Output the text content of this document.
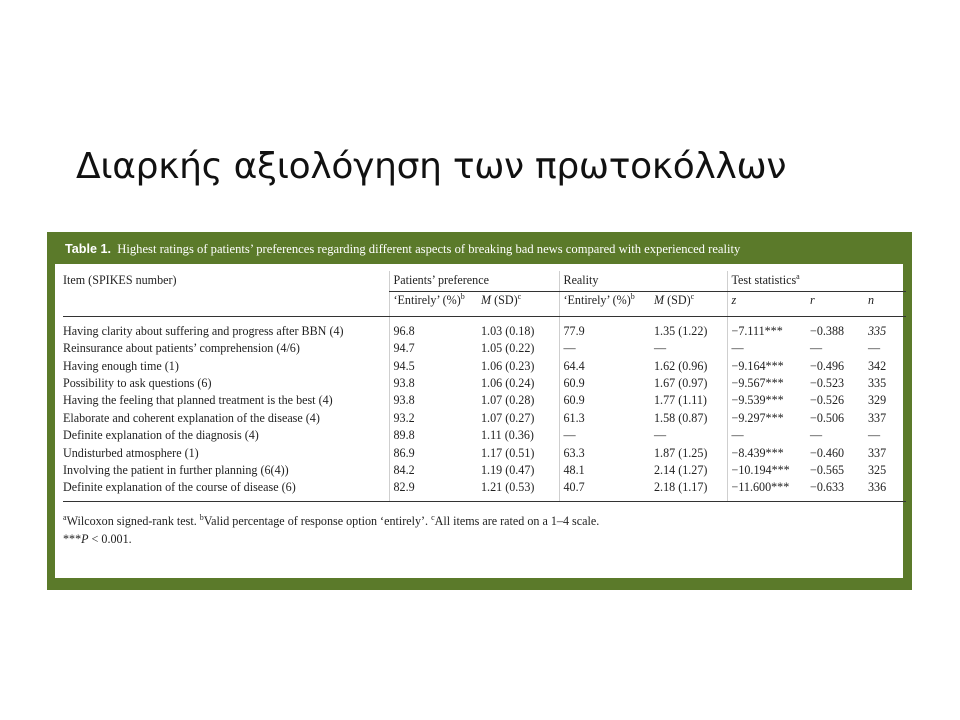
Διαρκής αξιολόγηση των πρωτοκόλλων
Table 1. Highest ratings of patients’ preferences regarding different aspects of breaking bad news compared with experienced reality
Item (SPIKES number)	Patients’ preference		Reality		Test statistics$^a$
	‘Entirely’ (%)$^b$	M (SD)$^c$	‘Entirely’ (%)$^b$	M (SD)$^c$	z	r	n
Having clarity about suffering and progress after BBN (4)	96.8	1.03 (0.18)	77.9	1.35 (1.22)	−7.111***	−0.388	335
Reinsurance about patients’ comprehension (4/6)	94.7	1.05 (0.22)	—	—	—	—	—
Having enough time (1)	94.5	1.06 (0.23)	64.4	1.62 (0.96)	−9.164***	−0.496	342
Possibility to ask questions (6)	93.8	1.06 (0.24)	60.9	1.67 (0.97)	−9.567***	−0.523	335
Having the feeling that planned treatment is the best (4)	93.8	1.07 (0.28)	60.9	1.77 (1.11)	−9.539***	−0.526	329
Elaborate and coherent explanation of the disease (4)	93.2	1.07 (0.27)	61.3	1.58 (0.87)	−9.297***	−0.506	337
Definite explanation of the diagnosis (4)	89.8	1.11 (0.36)	—	—	—	—	—
Undisturbed atmosphere (1)	86.9	1.17 (0.51)	63.3	1.87 (1.25)	−8.439***	−0.460	337
Involving the patient in further planning (6(4))	84.2	1.19 (0.47)	48.1	2.14 (1.27)	−10.194***	−0.565	325
Definite explanation of the course of disease (6)	82.9	1.21 (0.53)	40.7	2.18 (1.17)	−11.600***	−0.633	336
$^a$Wilcoxon signed-rank test. $^b$Valid percentage of response option ‘entirely’. $^c$All items are rated on a 1–4 scale.
***P < 0.001.
